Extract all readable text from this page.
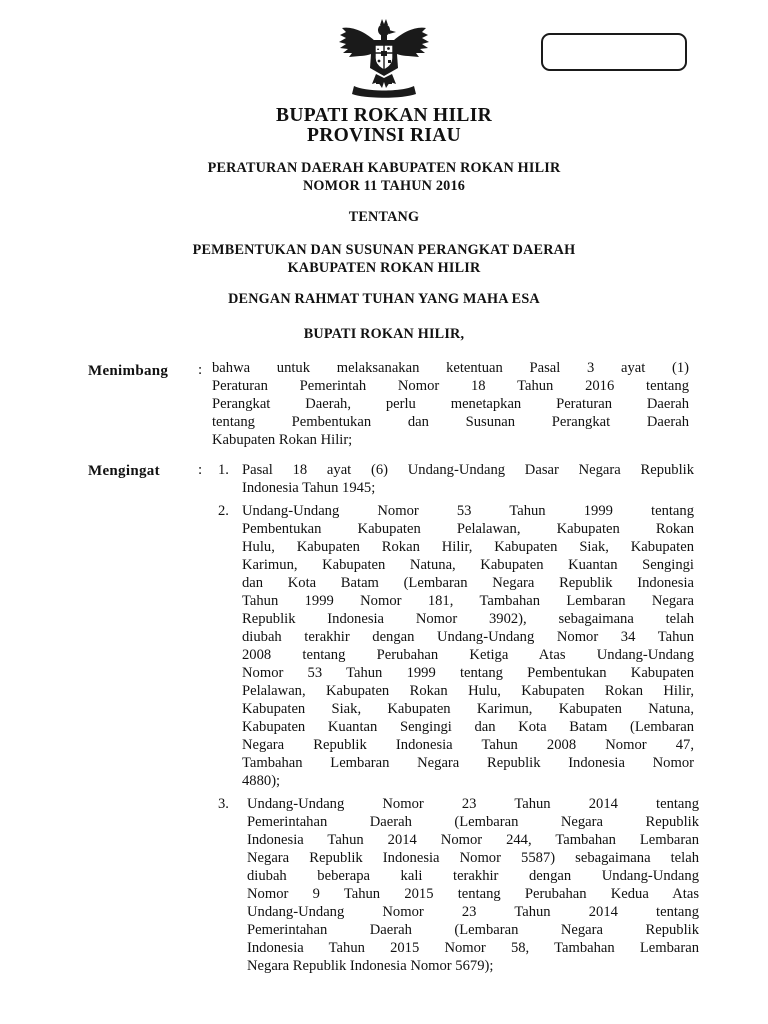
BUPATI ROKAN HILIR
PROVINSI RIAU
PERATURAN DAERAH KABUPATEN ROKAN HILIR
NOMOR 11 TAHUN 2016
TENTANG
PEMBENTUKAN DAN SUSUNAN PERANGKAT DAERAH
KABUPATEN ROKAN HILIR
DENGAN RAHMAT TUHAN YANG MAHA ESA
BUPATI ROKAN HILIR,
Menimbang : bahwa untuk melaksanakan ketentuan Pasal 3 ayat (1)
Peraturan Pemerintah Nomor 18 Tahun 2016 tentang
Perangkat Daerah, perlu menetapkan Peraturan Daerah
tentang Pembentukan dan Susunan Perangkat Daerah
Kabupaten Rokan Hilir;
Mengingat	: 1. Pasal 18 ayat (6) Undang-Undang Dasar Negara Republik
Indonesia Tahun 1945;
2. Undang-Undang Nomor 53 Tahun 1999 tentang
Pembentukan Kabupaten Pelalawan, Kabupaten Rokan
Hulu, Kabupaten Rokan Hilir, Kabupaten Siak, Kabupaten
Karimun, Kabupaten Natuna, Kabupaten Kuantan Sengingi
dan Kota Batam (Lembaran Negara Republik Indonesia
Tahun 1999 Nomor 181, Tambahan Lembaran Negara
Republik Indonesia Nomor 3902), sebagaimana telah
diubah terakhir dengan Undang-Undang Nomor 34 Tahun
2008 tentang Perubahan Ketiga Atas Undang-Undang
Nomor 53 Tahun 1999 tentang Pembentukan Kabupaten
Pelalawan, Kabupaten Rokan Hulu, Kabupaten Rokan Hilir,
Kabupaten Siak, Kabupaten Karimun, Kabupaten Natuna,
Kabupaten Kuantan Sengingi dan Kota Batam (Lembaran
Negara Republik Indonesia Tahun 2008 Nomor 47,
Tambahan Lembaran Negara Republik Indonesia Nomor
4880);
3. Undang-Undang Nomor 23 Tahun 2014 tentang
Pemerintahan Daerah (Lembaran Negara Republik
Indonesia Tahun 2014 Nomor 244, Tambahan Lembaran
Negara Republik Indonesia Nomor 5587) sebagaimana telah
diubah beberapa kali terakhir dengan Undang-Undang
Nomor 9 Tahun 2015 tentang Perubahan Kedua Atas
Undang-Undang Nomor 23 Tahun 2014 tentang
Pemerintahan Daerah (Lembaran Negara Republik
Indonesia Tahun 2015 Nomor 58, Tambahan Lembaran
Negara Republik Indonesia Nomor 5679);
